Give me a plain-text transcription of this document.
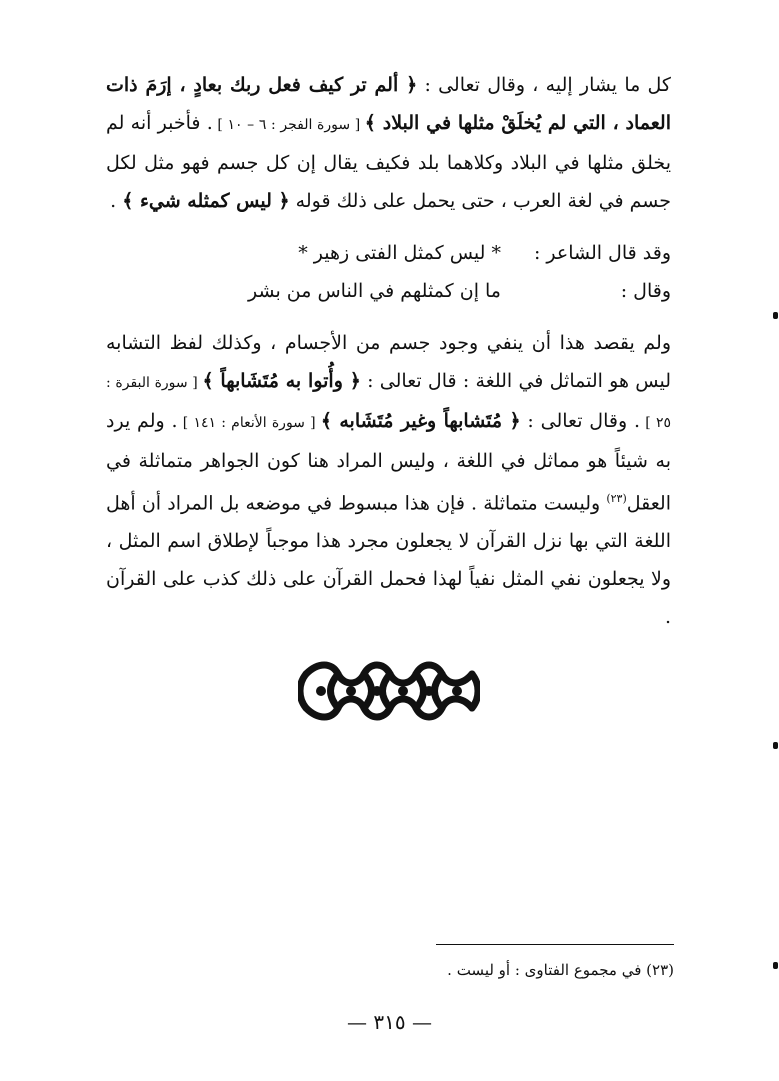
كل ما يشار إليه ، وقال تعالى : ﴿ ألم تر كيف فعل ربك بعادٍ ، إرَمَ ذات العماد ، التي لم يُخلَقْ مثلها في البلاد ﴾ [ سورة الفجر : ٦ – ١٠ ] . فأخبر أنه لم يخلق مثلها في البلاد وكلاهما بلد فكيف يقال إن كل جسم فهو مثل لكل جسم في لغة العرب ، حتى يحمل على ذلك قوله ﴿ ليس كمثله شيء ﴾ .

وقد قال الشاعر :
* ليس كمثل الفتى زهير *
وقال :
ما إن كمثلهم في الناس من بشر

ولم يقصد هذا أن ينفي وجود جسم من الأجسام ، وكذلك لفظ التشابه ليس هو التماثل في اللغة : قال تعالى : ﴿ وأُتوا به مُتَشَابهاً ﴾ [ سورة البقرة : ٢٥ ] . وقال تعالى : ﴿ مُتَشابهاً وغير مُتَشَابه ﴾ [ سورة الأنعام : ١٤١ ] . ولم يرد به شيئاً هو مماثل في اللغة ، وليس المراد هنا كون الجواهر متماثلة في العقل$^{(٢٣)}$ وليست متماثلة . فإن هذا مبسوط في موضعه بل المراد أن أهل اللغة التي بها نزل القرآن لا يجعلون مجرد هذا موجباً لإطلاق اسم المثل ، ولا يجعلون نفي المثل نفياً لهذا فحمل القرآن على ذلك كذب على القرآن .

(٢٣) في مجموع الفتاوى : أو ليست .
— ٣١٥ —
